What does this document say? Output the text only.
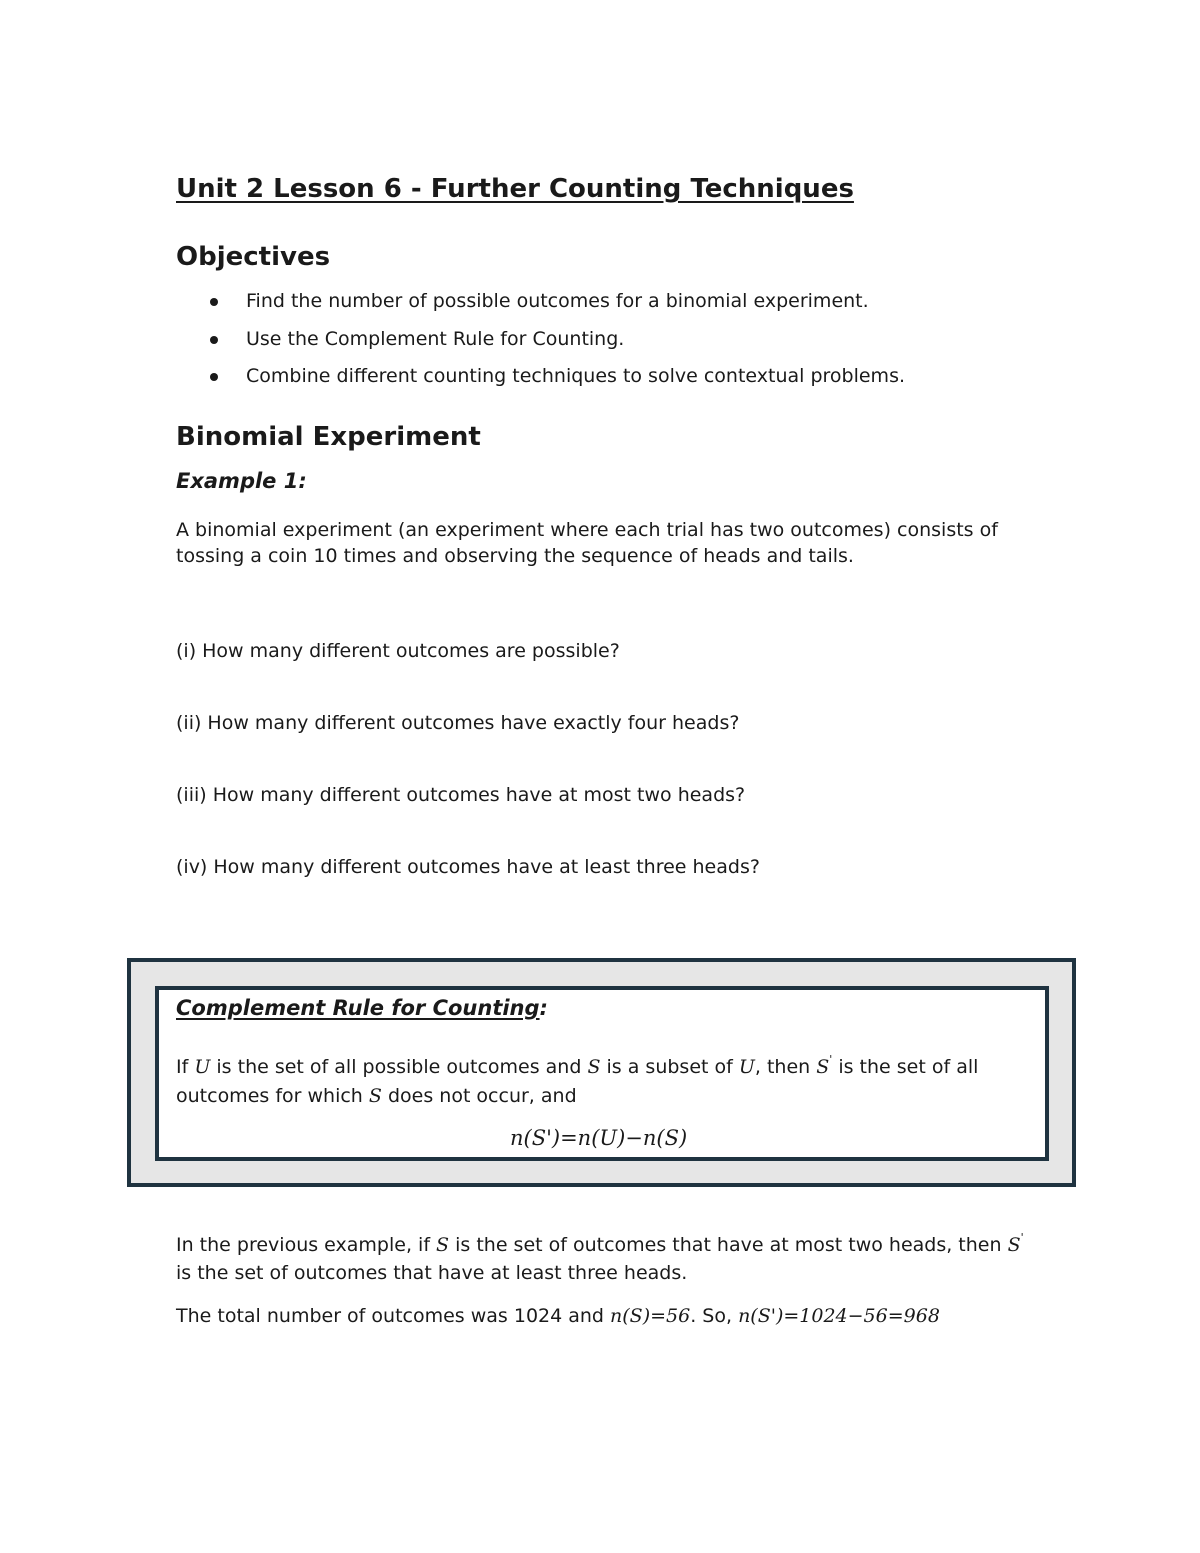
Unit 2 Lesson 6 - Further Counting Techniques
Objectives
Find the number of possible outcomes for a binomial experiment.
Use the Complement Rule for Counting.
Combine different counting techniques to solve contextual problems.
Binomial Experiment
Example 1:
A binomial experiment (an experiment where each trial has two outcomes) consists of tossing a coin 10 times and observing the sequence of heads and tails.
(i) How many different outcomes are possible?
(ii) How many different outcomes have exactly four heads?
(iii) How many different outcomes have at most two heads?
(iv) How many different outcomes have at least three heads?
Complement Rule for Counting:
If U is the set of all possible outcomes and S is a subset of U, then S' is the set of all outcomes for which S does not occur, and
n(S')=n(U)−n(S)
In the previous example, if S is the set of outcomes that have at most two heads, then S' is the set of outcomes that have at least three heads.
The total number of outcomes was 1024 and n(S)=56. So, n(S')=1024−56=968
